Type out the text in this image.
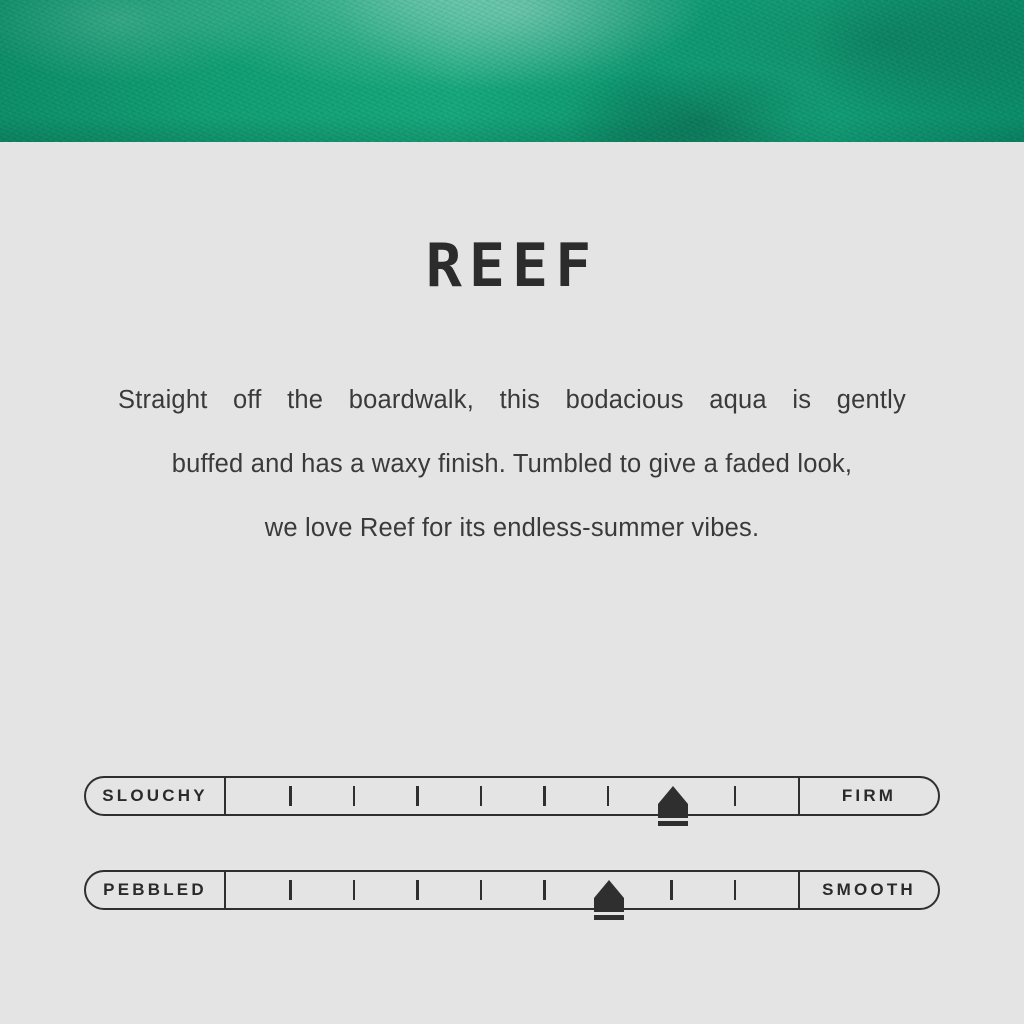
REEF
Straight off the boardwalk, this bodacious aqua is gently
buffed and has a waxy finish. Tumbled to give a faded look,
we love Reef for its endless-summer vibes.
SLOUCHY	FIRM
PEBBLED	SMOOTH
